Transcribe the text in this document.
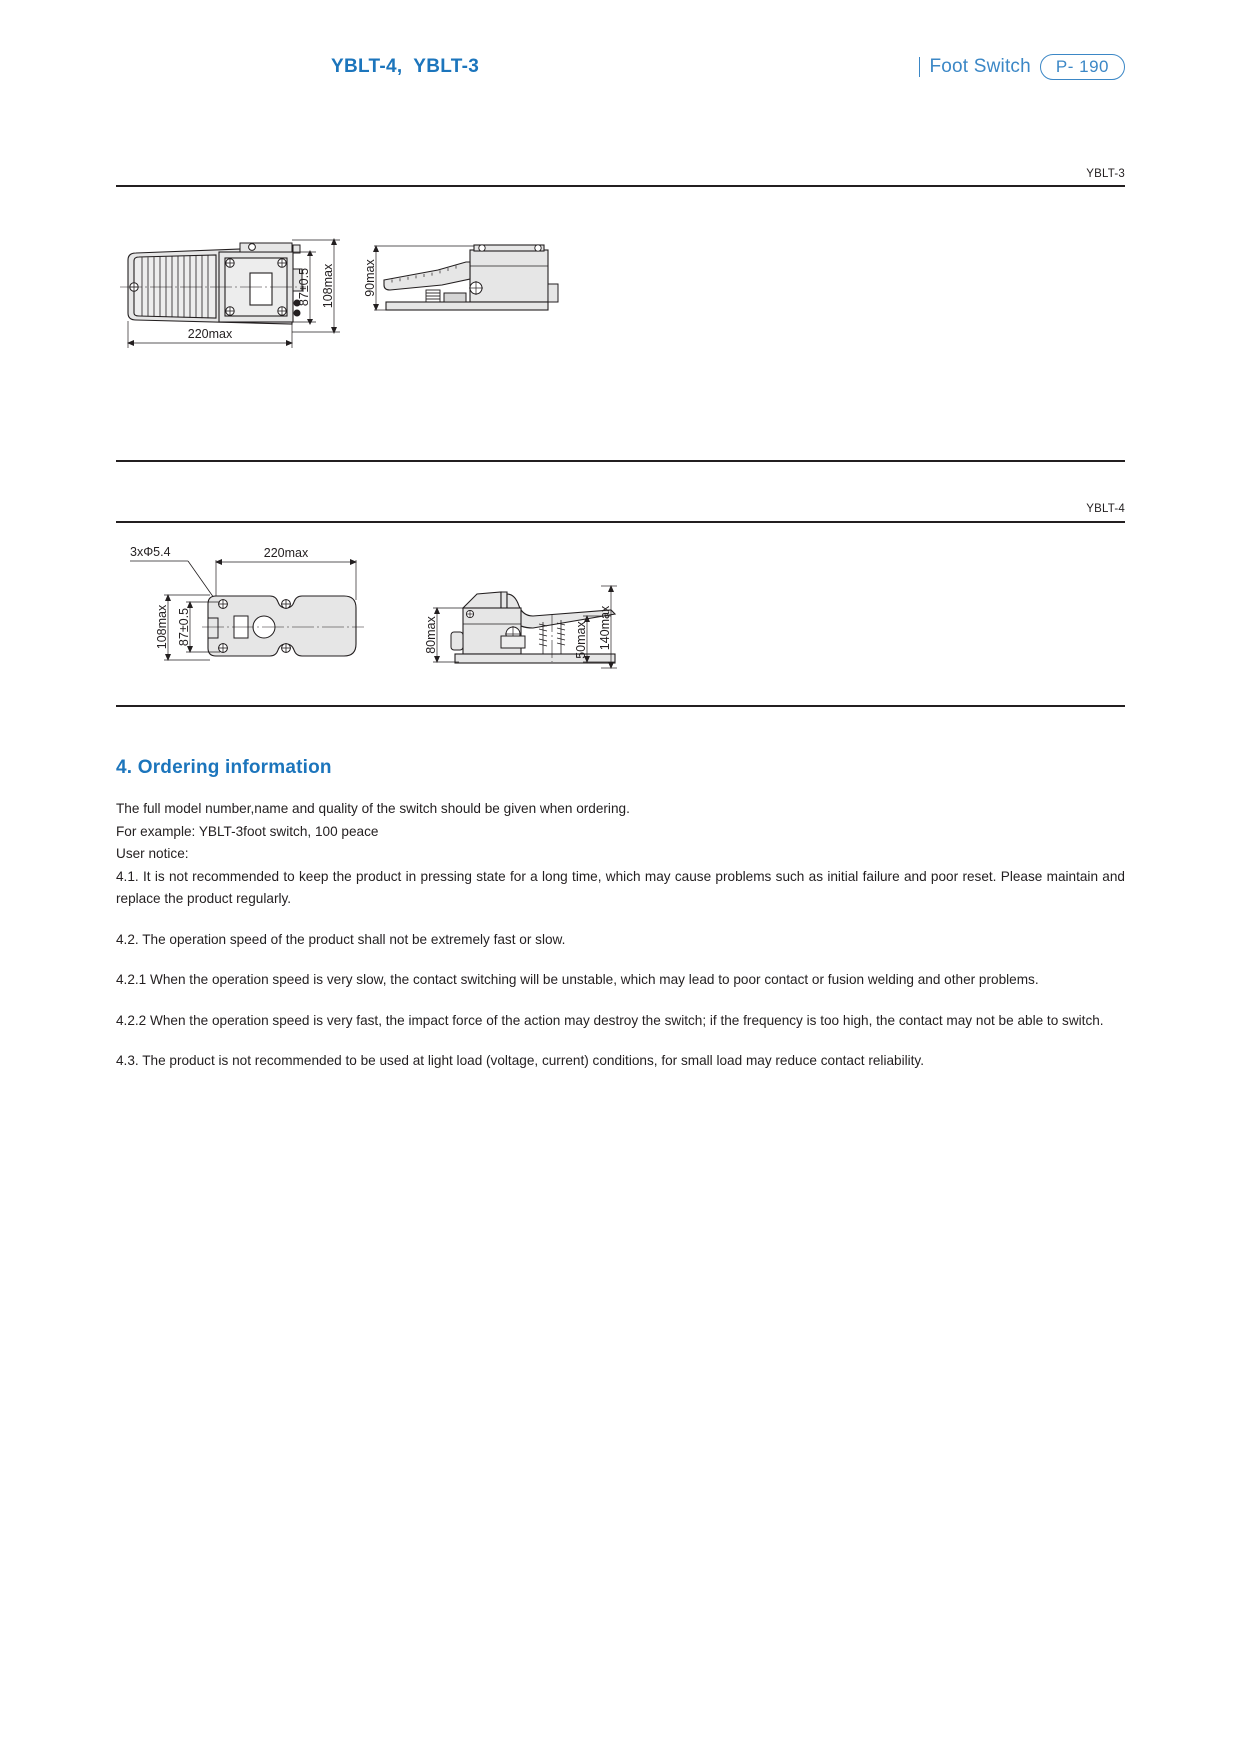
YBLT-4,  YBLT-3	Foot Switch	P- 190
YBLT-3
87±0.5 108max
220max
90max
YBLT-4
3xΦ5.4	220max
87±0.5
108max	80max	50max 140max
4. Ordering information
The full model number,name and quality of the switch should be given when ordering.
For example: YBLT-3foot switch, 100 peace
User notice:
4.1. It is not recommended to keep the product in pressing state for a long time, which may cause problems such as initial failure and poor reset. Please maintain and replace the product regularly.
4.2. The operation speed of the product shall not be extremely fast or slow.
4.2.1 When the operation speed is very slow, the contact switching will be unstable, which may lead to poor contact or fusion welding and other problems.
4.2.2 When the operation speed is very fast, the impact force of the action may destroy the switch; if the frequency is too high, the contact may not be able to switch.
4.3. The product is not recommended to be used at light load (voltage, current) conditions, for small load may reduce contact reliability.
